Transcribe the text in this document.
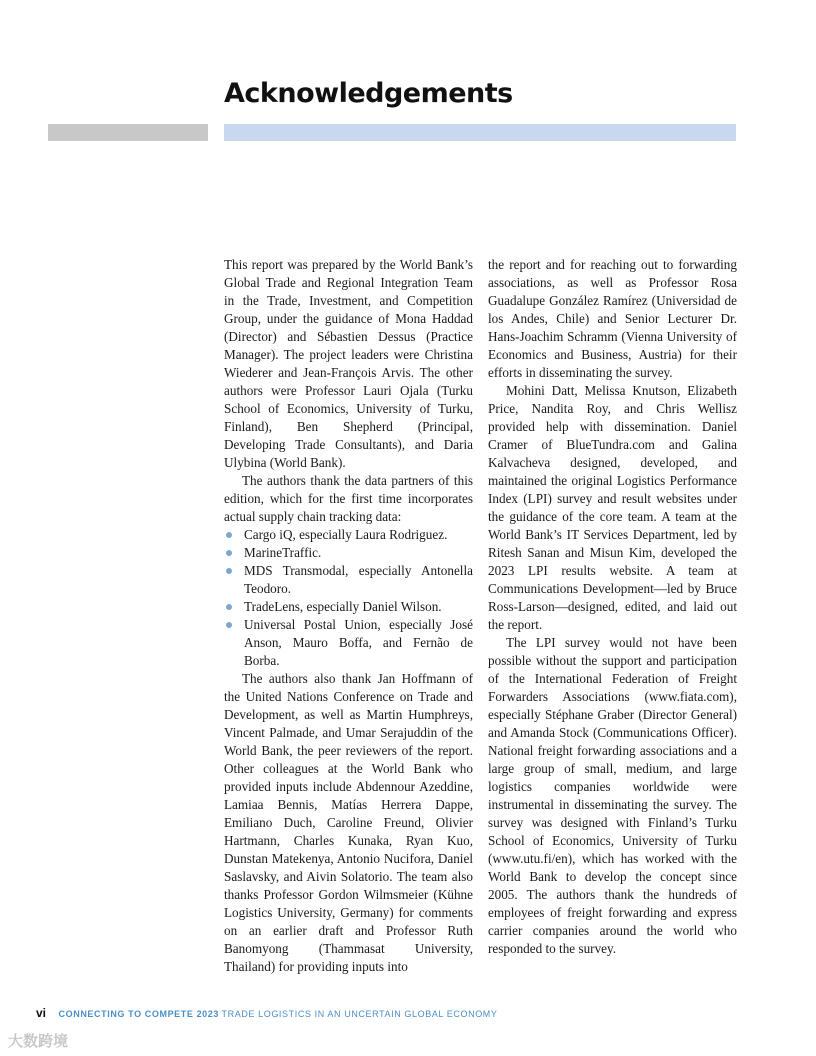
Acknowledgements

This report was prepared by the World Bank’s Global Trade and Regional Integration Team in the Trade, Investment, and Competition Group, under the guidance of Mona Haddad (Director) and Sébastien Dessus (Practice Manager). The project leaders were Christina Wiederer and Jean-François Arvis. The other authors were Professor Lauri Ojala (Turku School of Economics, University of Turku, Finland), Ben Shepherd (Principal, Developing Trade Consultants), and Daria Ulybina (World Bank).

The authors thank the data partners of this edition, which for the first time incorporates actual supply chain tracking data:

Cargo iQ, especially Laura Rodriguez.
MarineTraffic.
MDS Transmodal, especially Antonella Teodoro.
TradeLens, especially Daniel Wilson.
Universal Postal Union, especially José Anson, Mauro Boffa, and Fernão de Borba.

The authors also thank Jan Hoffmann of the United Nations Conference on Trade and Development, as well as Martin Humphreys, Vincent Palmade, and Umar Serajuddin of the World Bank, the peer reviewers of the report. Other colleagues at the World Bank who provided inputs include Abdennour Azeddine, Lamiaa Bennis, Matías Herrera Dappe, Emiliano Duch, Caroline Freund, Olivier Hartmann, Charles Kunaka, Ryan Kuo, Dunstan Matekenya, Antonio Nucifora, Daniel Saslavsky, and Aivin Solatorio. The team also thanks Professor Gordon Wilmsmeier (Kühne Logistics University, Germany) for comments on an earlier draft and Professor Ruth Banomyong (Thammasat University, Thailand) for providing inputs into

the report and for reaching out to forwarding associations, as well as Professor Rosa Guadalupe González Ramírez (Universidad de los Andes, Chile) and Senior Lecturer Dr. Hans-Joachim Schramm (Vienna University of Economics and Business, Austria) for their efforts in disseminating the survey.

Mohini Datt, Melissa Knutson, Elizabeth Price, Nandita Roy, and Chris Wellisz provided help with dissemination. Daniel Cramer of BlueTundra.com and Galina Kalvacheva designed, developed, and maintained the original Logistics Performance Index (LPI) survey and result websites under the guidance of the core team. A team at the World Bank’s IT Services Department, led by Ritesh Sanan and Misun Kim, developed the 2023 LPI results website. A team at Communications Development—led by Bruce Ross-Larson—designed, edited, and laid out the report.

The LPI survey would not have been possible without the support and participation of the International Federation of Freight Forwarders Associations (www.fiata.com), especially Stéphane Graber (Director General) and Amanda Stock (Communications Officer). National freight forwarding associations and a large group of small, medium, and large logistics companies worldwide were instrumental in disseminating the survey. The survey was designed with Finland’s Turku School of Economics, University of Turku (www.utu.fi/en), which has worked with the World Bank to develop the concept since 2005. The authors thank the hundreds of employees of freight forwarding and express carrier companies around the world who responded to the survey.

vi CONNECTING TO COMPETE 2023 TRADE LOGISTICS IN AN UNCERTAIN GLOBAL ECONOMY
大数跨境
